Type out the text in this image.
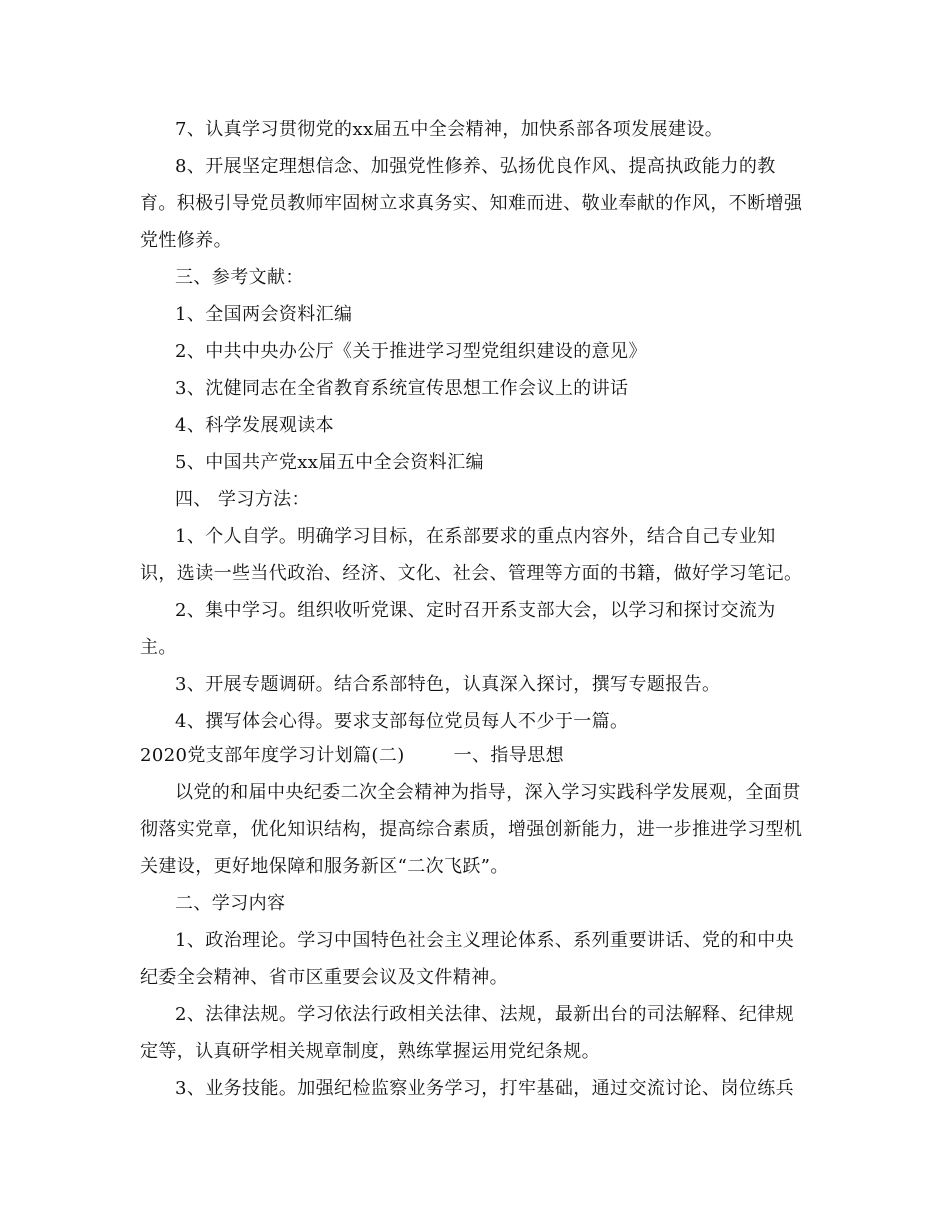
7、认真学习贯彻党的xx届五中全会精神，加快系部各项发展建设。
8、开展坚定理想信念、加强党性修养、弘扬优良作风、提高执政能力的教
育。积极引导党员教师牢固树立求真务实、知难而进、敬业奉献的作风，不断增强
党性修养。
三、参考文献：
1、全国两会资料汇编
2、中共中央办公厅《关于推进学习型党组织建设的意见》
3、沈健同志在全省教育系统宣传思想工作会议上的讲话
4、科学发展观读本
5、中国共产党xx届五中全会资料汇编
四、 学习方法：
1、个人自学。明确学习目标，在系部要求的重点内容外，结合自己专业知
识，选读一些当代政治、经济、文化、社会、管理等方面的书籍，做好学习笔记。
2、集中学习。组织收听党课、定时召开系支部大会，以学习和探讨交流为
主。
3、开展专题调研。结合系部特色，认真深入探讨，撰写专题报告。
4、撰写体会心得。要求支部每位党员每人不少于一篇。
2020党支部年度学习计划篇(二)        一、指导思想
以党的和届中央纪委二次全会精神为指导，深入学习实践科学发展观，全面贯
彻落实党章，优化知识结构，提高综合素质，增强创新能力，进一步推进学习型机
关建设，更好地保障和服务新区“二次飞跃”。
二、学习内容
1、政治理论。学习中国特色社会主义理论体系、系列重要讲话、党的和中央
纪委全会精神、省市区重要会议及文件精神。
2、法律法规。学习依法行政相关法律、法规，最新出台的司法解释、纪律规
定等，认真研学相关规章制度，熟练掌握运用党纪条规。
3、业务技能。加强纪检监察业务学习，打牢基础，通过交流讨论、岗位练兵
